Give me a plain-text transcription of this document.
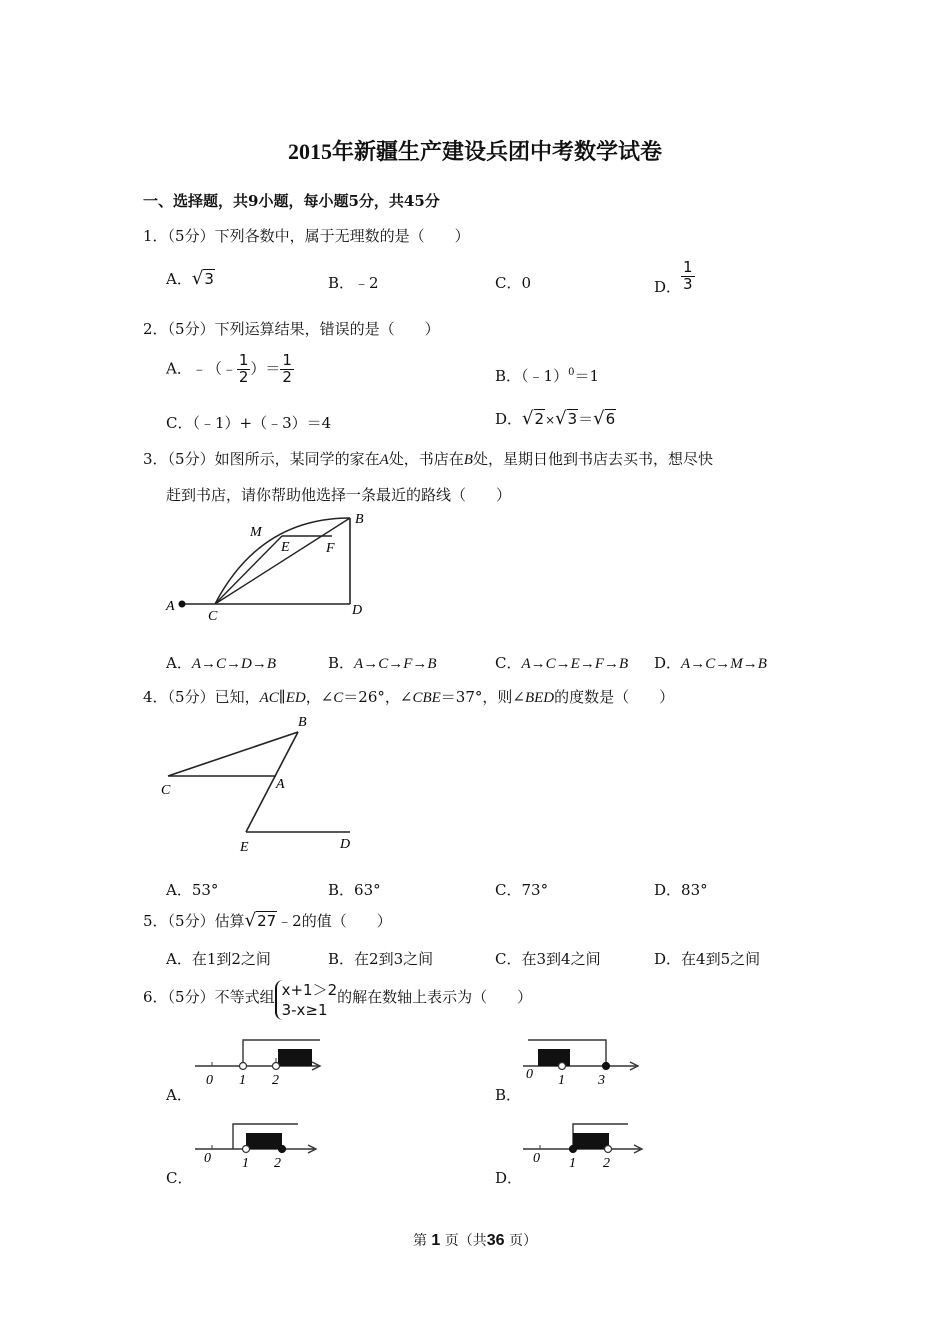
2015年新疆生产建设兵团中考数学试卷
一、选择题，共9小题，每小题5分，共45分
1．（5分）下列各数中，属于无理数的是（　　）
A．√3	B．﹣2	C．0	D． $\frac{1}{3}$
2．（5分）下列运算结果，错误的是（　　）
A．﹣（﹣ $\frac{1}{2}$ ）＝ $\frac{1}{2}$	B．（﹣1）$^0$＝1
C．（﹣1）+（﹣3）＝4	D．√2×√3＝√6
3．（5分）如图所示，某同学的家在A处，书店在B处，星期日他到书店去买书，想尽快
赶到书店，请你帮助他选择一条最近的路线（　　）
A
C	D
B
M
E	F
A．A→C→D→B	B．A→C→F→B	C．A→C→E→F→B D．A→C→M→B
4．（5分）已知，AC∥ED，∠C＝26°，∠CBE＝37°，则∠BED的度数是（　　）
B
C	A
E	D
A．53°	B．63°	C．73°	D．83°
5．（5分）估算√27﹣2的值（　　）
A．在1到2之间	B．在2到3之间	C．在3到4之间	D．在4到5之间
6．（5分）不等式组 x+1＞2
3-x≥1
的解在数轴上表示为（　　）
A．
0 1 2
B．
0 1 3
C．
0 1 2
D．
0 1 2
第 1 页（共36 页）
